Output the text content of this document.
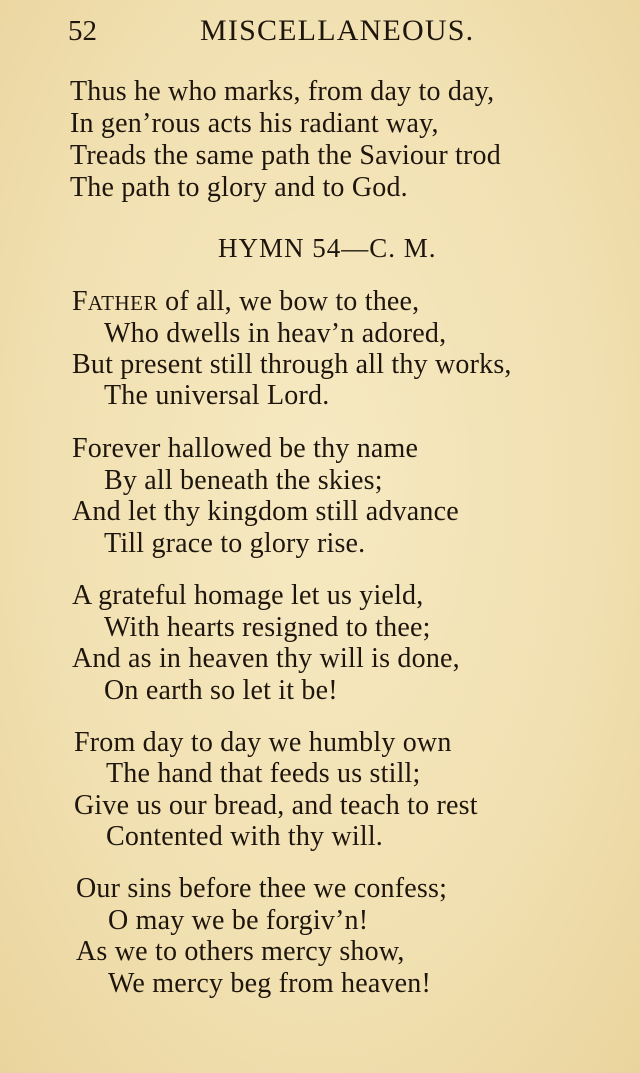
52	MISCELLANEOUS.
Thus he who marks, from day to day,
In gen’rous acts his radiant way,
Treads the same path the Saviour trod
The path to glory and to God.
HYMN 54—C. M.
FATHER of all, we bow to thee,
Who dwells in heav’n adored,
But present still through all thy works,
The universal Lord.
Forever hallowed be thy name
By all beneath the skies;
And let thy kingdom still advance
Till grace to glory rise.
A grateful homage let us yield,
With hearts resigned to thee;
And as in heaven thy will is done,
On earth so let it be!
From day to day we humbly own
The hand that feeds us still;
Give us our bread, and teach to rest
Contented with thy will.
Our sins before thee we confess;
O may we be forgiv’n!
As we to others mercy show,
We mercy beg from heaven!
